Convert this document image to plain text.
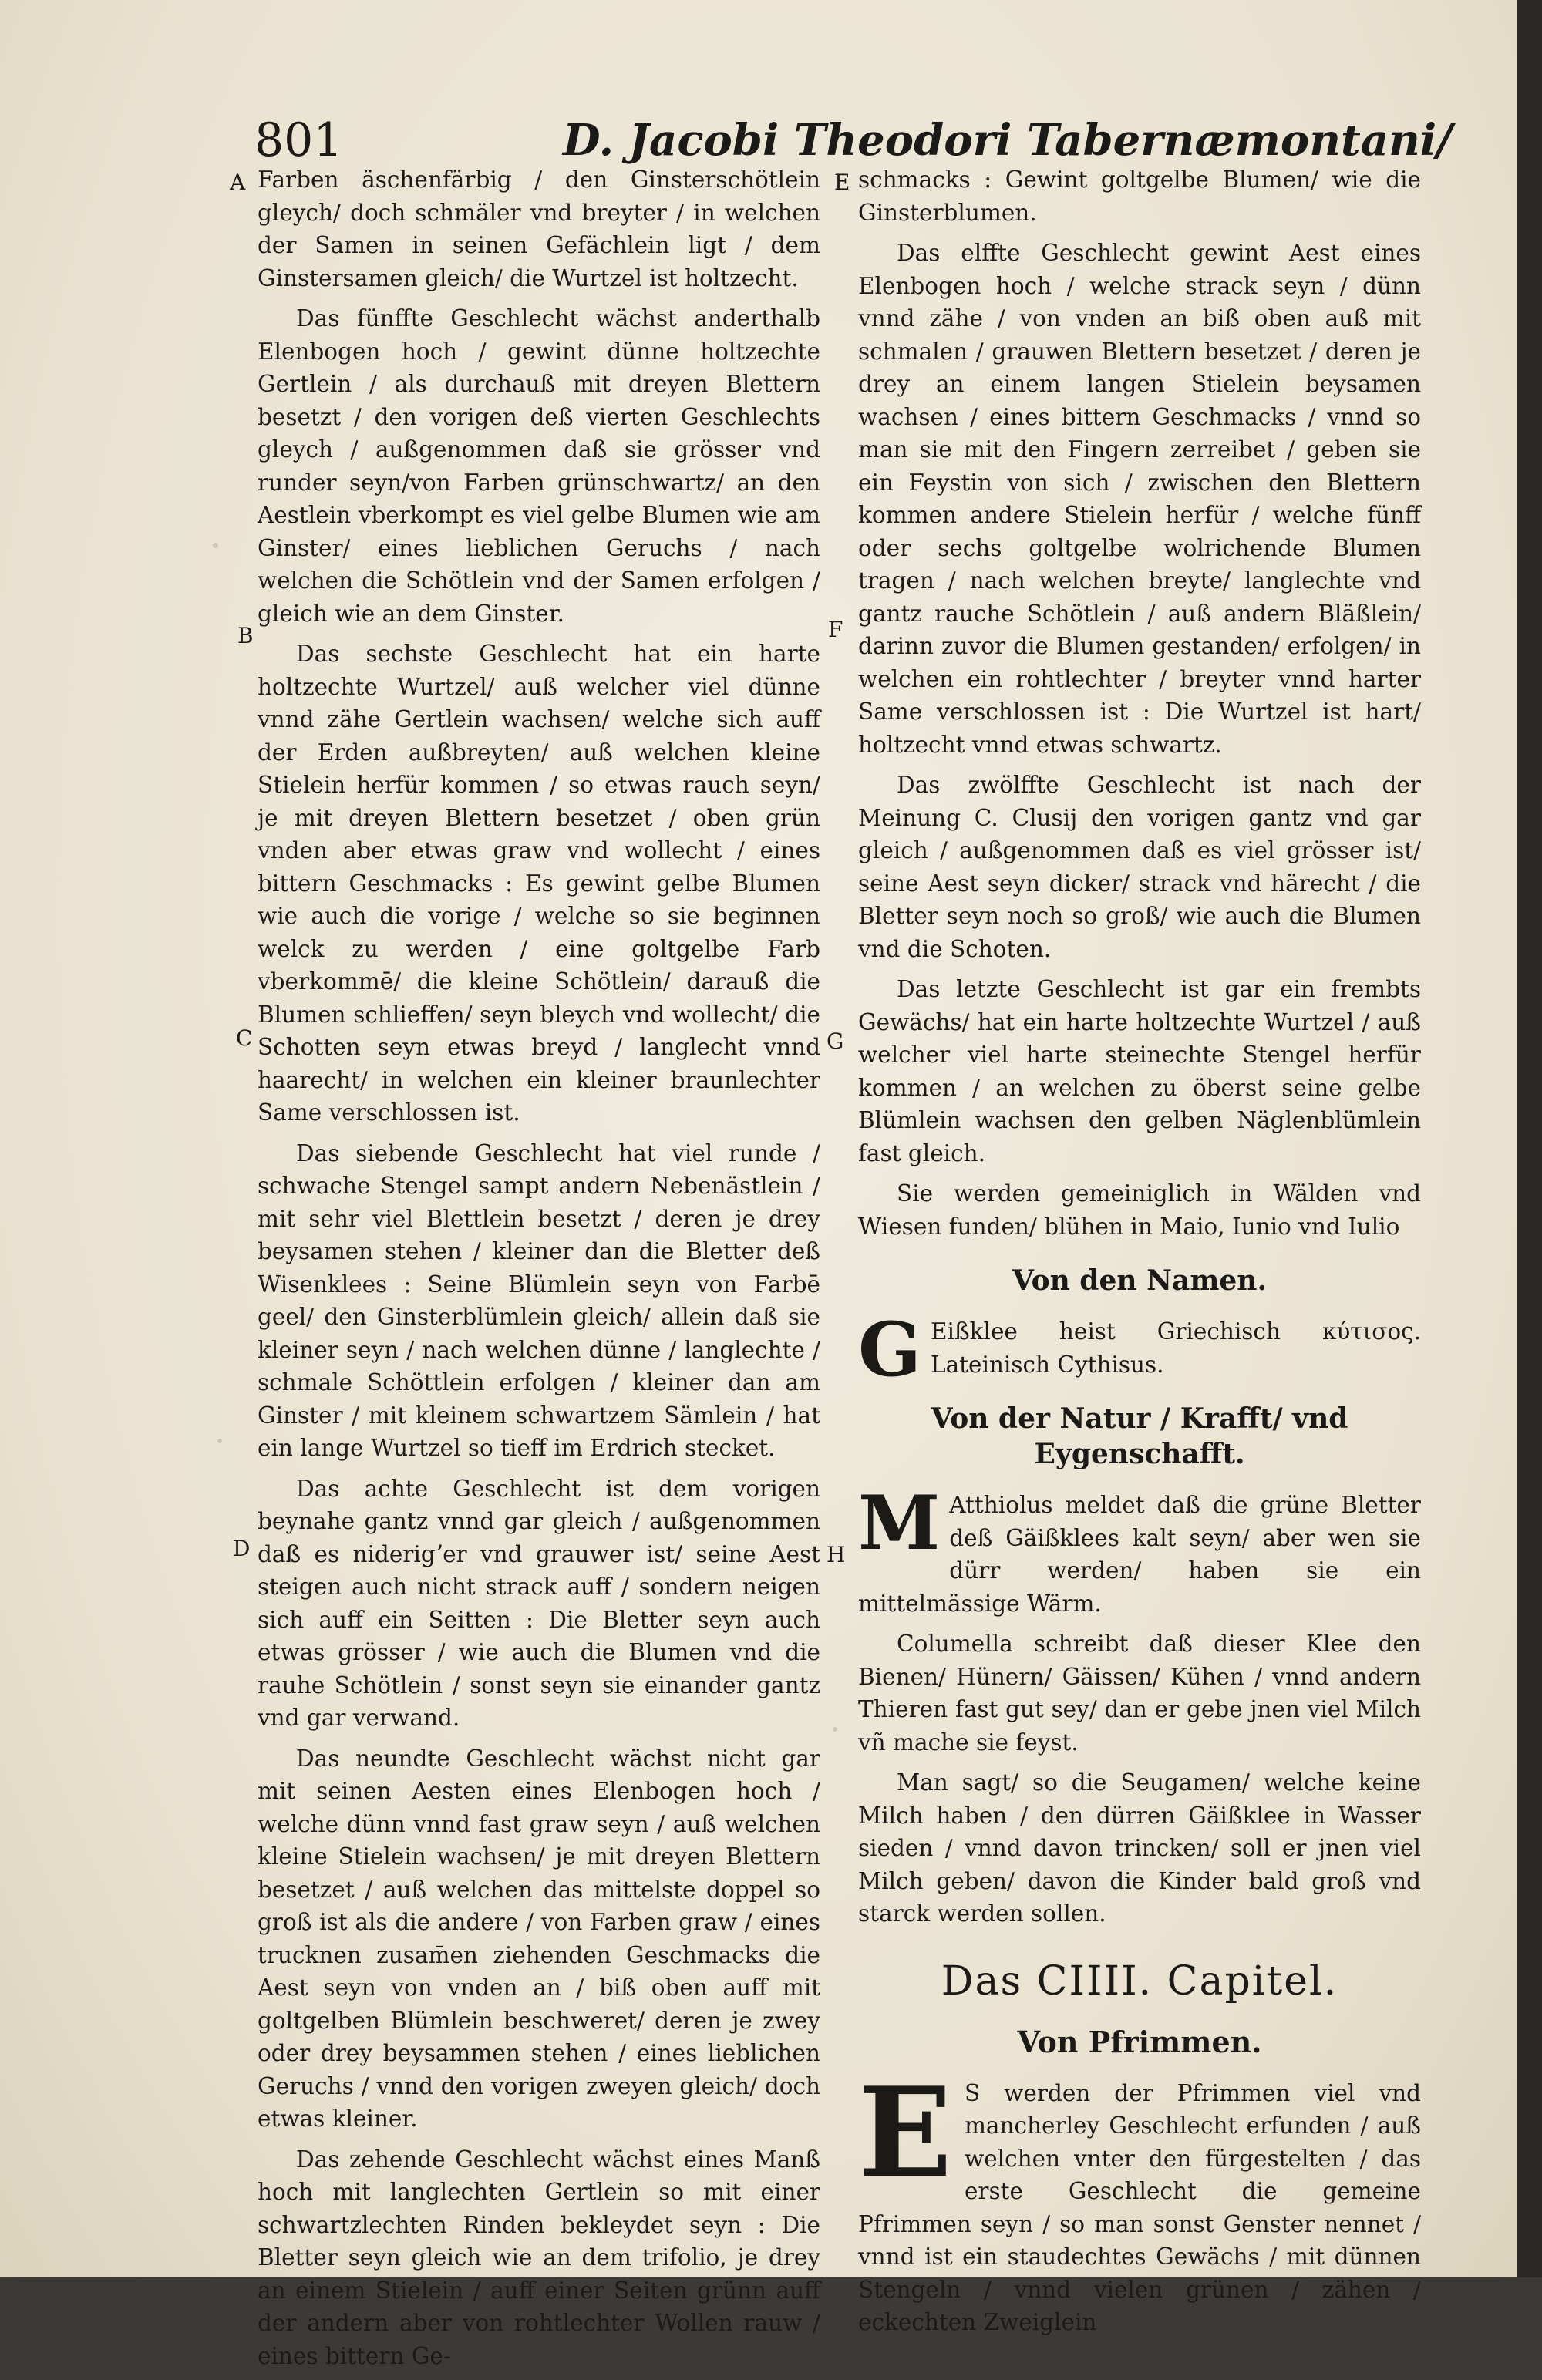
801	D. Jacobi Theodori Tabernæmontani/
A
B
C
D
E
F
G
H

Farben äschenfärbig / den Ginsterschötlein gleych/ doch schmäler vnd breyter / in welchen der Samen in seinen Gefächlein ligt / dem Ginstersamen gleich/ die Wurtzel ist holtzecht.

Das fünffte Geschlecht wächst anderthalb Elenbogen hoch / gewint dünne holtzechte Gertlein / als durchauß mit dreyen Blettern besetzt / den vorigen deß vierten Geschlechts gleych / außgenommen daß sie grösser vnd runder seyn/von Farben grünschwartz/ an den Aestlein vberkompt es viel gelbe Blumen wie am Ginster/ eines lieblichen Geruchs / nach welchen die Schötlein vnd der Samen erfolgen / gleich wie an dem Ginster.

Das sechste Geschlecht hat ein harte holtzechte Wurtzel/ auß welcher viel dünne vnnd zähe Gertlein wachsen/ welche sich auff der Erden außbreyten/ auß welchen kleine Stielein herfür kommen / so etwas rauch seyn/ je mit dreyen Blettern besetzet / oben grün vnden aber etwas graw vnd wollecht / eines bittern Geschmacks : Es gewint gelbe Blumen wie auch die vorige / welche so sie beginnen welck zu werden / eine goltgelbe Farb vberkommē/ die kleine Schötlein/ darauß die Blumen schlieffen/ seyn bleych vnd wollecht/ die Schotten seyn etwas breyd / langlecht vnnd haarecht/ in welchen ein kleiner braunlechter Same verschlossen ist.

Das siebende Geschlecht hat viel runde / schwache Stengel sampt andern Nebenästlein / mit sehr viel Blettlein besetzt / deren je drey beysamen stehen / kleiner dan die Bletter deß Wisenklees : Seine Blümlein seyn von Farbē geel/ den Ginsterblümlein gleich/ allein daß sie kleiner seyn / nach welchen dünne / langlechte / schmale Schöttlein erfolgen / kleiner dan am Ginster / mit kleinem schwartzem Sämlein / hat ein lange Wurtzel so tieff im Erdrich stecket.

Das achte Geschlecht ist dem vorigen beynahe gantz vnnd gar gleich / außgenommen daß es niderigʼer vnd grauwer ist/ seine Aest steigen auch nicht strack auff / sondern neigen sich auff ein Seitten : Die Bletter seyn auch etwas grösser / wie auch die Blumen vnd die rauhe Schötlein / sonst seyn sie einander gantz vnd gar verwand.

Das neundte Geschlecht wächst nicht gar mit seinen Aesten eines Elenbogen hoch / welche dünn vnnd fast graw seyn / auß welchen kleine Stielein wachsen/ je mit dreyen Blettern besetzet / auß welchen das mittelste doppel so groß ist als die andere / von Farben graw / eines trucknen zusam̄en ziehenden Geschmacks die Aest seyn von vnden an / biß oben auff mit goltgelben Blümlein beschweret/ deren je zwey oder drey beysammen stehen / eines lieblichen Geruchs / vnnd den vorigen zweyen gleich/ doch etwas kleiner.

Das zehende Geschlecht wächst eines Manß hoch mit langlechten Gertlein so mit einer schwartzlechten Rinden bekleydet seyn : Die Bletter seyn gleich wie an dem trifolio, je drey an einem Stielein / auff einer Seiten grünn auff der andern aber von rohtlechter Wollen rauw / eines bittern Ge-

schmacks : Gewint goltgelbe Blumen/ wie die Ginsterblumen.

Das elffte Geschlecht gewint Aest eines Elenbogen hoch / welche strack seyn / dünn vnnd zähe / von vnden an biß oben auß mit schmalen / grauwen Blettern besetzet / deren je drey an einem langen Stielein beysamen wachsen / eines bittern Geschmacks / vnnd so man sie mit den Fingern zerreibet / geben sie ein Feystin von sich / zwischen den Blettern kommen andere Stielein herfür / welche fünff oder sechs goltgelbe wolrichende Blumen tragen / nach welchen breyte/ langlechte vnd gantz rauche Schötlein / auß andern Bläßlein/ darinn zuvor die Blumen gestanden/ erfolgen/ in welchen ein rohtlechter / breyter vnnd harter Same verschlossen ist : Die Wurtzel ist hart/ holtzecht vnnd etwas schwartz.

Das zwölffte Geschlecht ist nach der Meinung C. Clusij den vorigen gantz vnd gar gleich / außgenommen daß es viel grösser ist/ seine Aest seyn dicker/ strack vnd härecht / die Bletter seyn noch so groß/ wie auch die Blumen vnd die Schoten.

Das letzte Geschlecht ist gar ein frembts Gewächs/ hat ein harte holtzechte Wurtzel / auß welcher viel harte steinechte Stengel herfür kommen / an welchen zu öberst seine gelbe Blümlein wachsen den gelben Näglenblümlein fast gleich.

Sie werden gemeiniglich in Wälden vnd Wiesen funden/ blühen in Maio, Iunio vnd Iulio

Von den Namen.

G Eißklee heist Griechisch κύτισος. Lateinisch Cythisus.

Von der Natur / Krafft/ vnd Eygenschafft.

M Atthiolus meldet daß die grüne Bletter deß Gäißklees kalt seyn/ aber wen sie dürr werden/ haben sie ein mittelmässige Wärm.

Columella schreibt daß dieser Klee den Bienen/ Hünern/ Gäissen/ Kühen / vnnd andern Thieren fast gut sey/ dan er gebe jnen viel Milch vñ mache sie feyst.

Man sagt/ so die Seugamen/ welche keine Milch haben / den dürren Gäißklee in Wasser sieden / vnnd davon trincken/ soll er jnen viel Milch geben/ davon die Kinder bald groß vnd starck werden sollen.

Das CIIII. Capitel.
Von Pfrimmen.

E S werden der Pfrimmen viel vnd mancherley Geschlecht erfunden / auß welchen vnter den fürgestelten / das erste Geschlecht die gemeine Pfrimmen seyn / so man sonst Genster nennet / vnnd ist ein staudechtes Gewächs / mit dünnen Stengeln / vnnd vielen grünen / zähen / eckechten Zweiglein
